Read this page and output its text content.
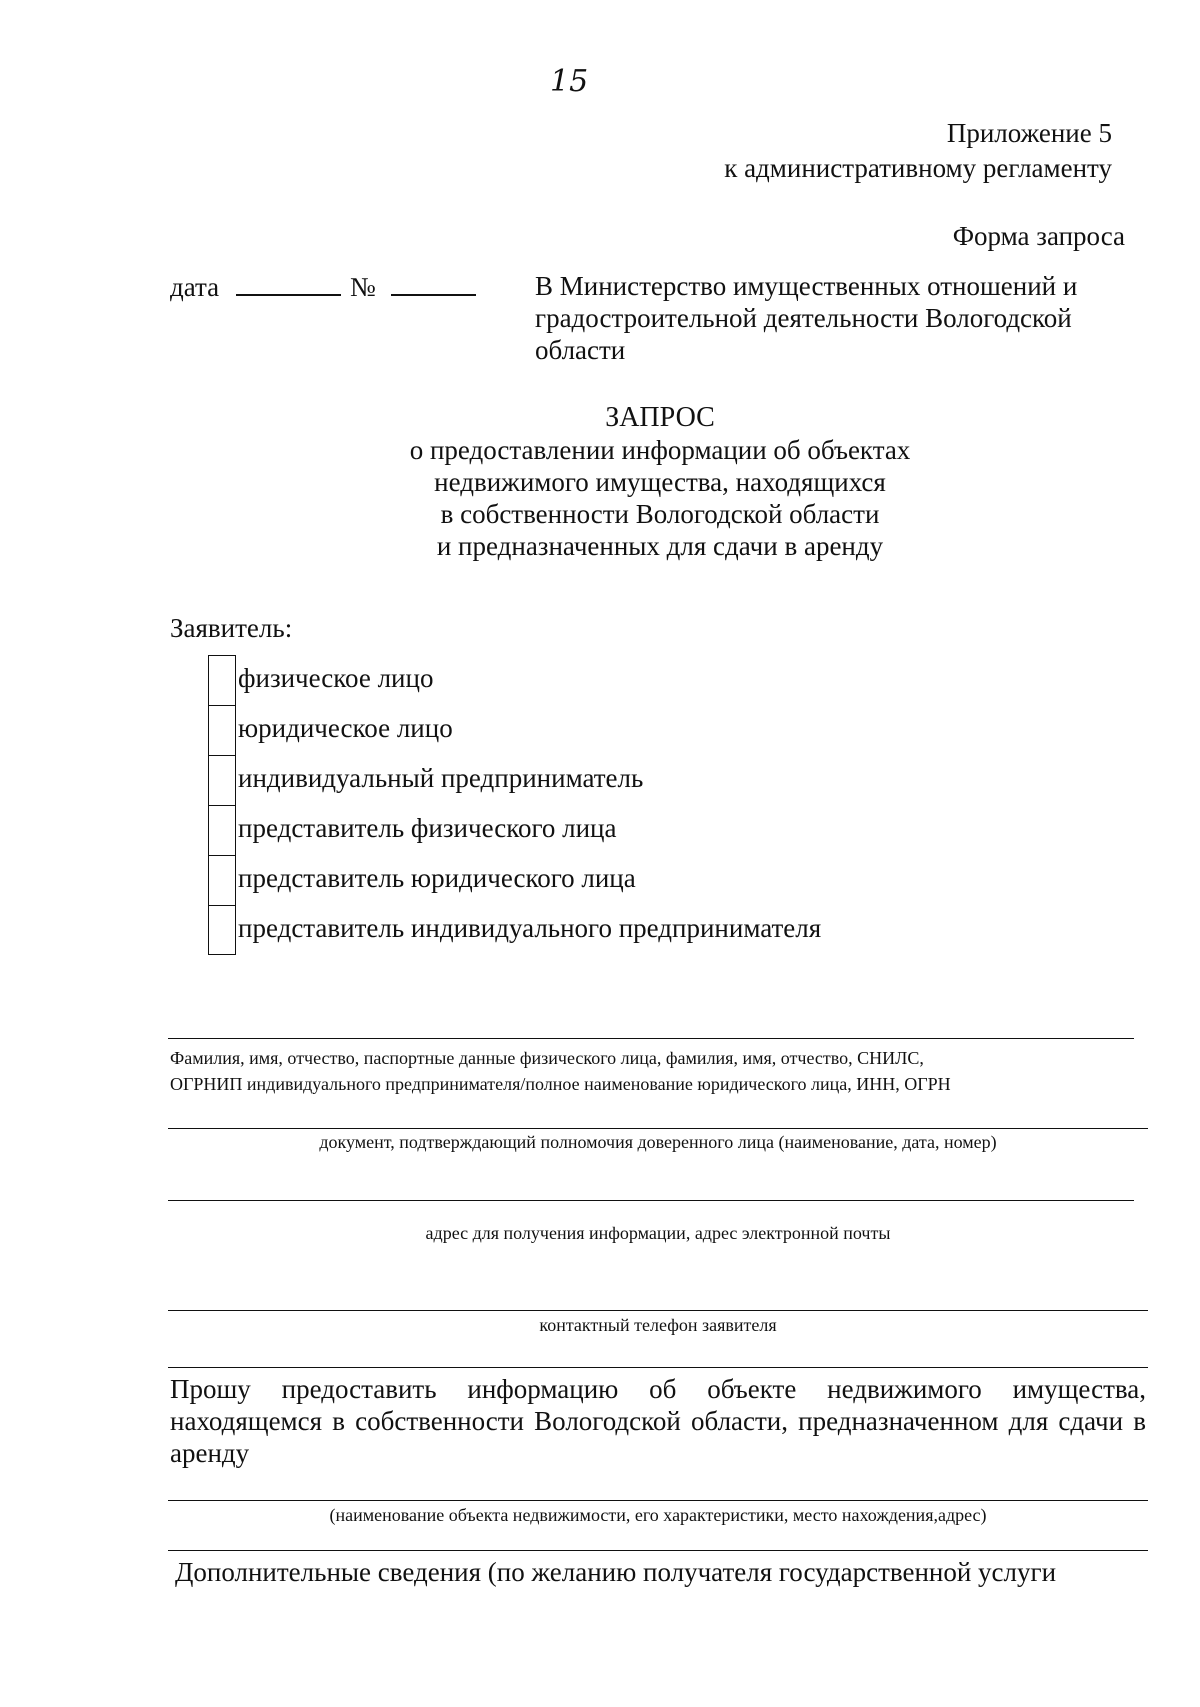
15
Приложение 5
к административному регламенту
Форма запроса
дата	№	В Министерство имущественных отношений и градостроительной деятельности Вологодской области
ЗАПРОС
о предоставлении информации об объектах
недвижимого имущества, находящихся
в собственности Вологодской области
и предназначенных для сдачи в аренду
Заявитель:
физическое лицо
юридическое лицо
индивидуальный предприниматель
представитель физического лица
представитель юридического лица
представитель индивидуального предпринимателя
Фамилия, имя, отчество, паспортные данные физического лица, фамилия, имя, отчество, СНИЛС,
ОГРНИП индивидуального предпринимателя/полное наименование юридического лица, ИНН, ОГРН
документ, подтверждающий полномочия доверенного лица (наименование, дата, номер)
адрес для получения информации, адрес электронной почты
контактный телефон заявителя
Прошу предоставить информацию об объекте недвижимого имущества, находящемся в собственности Вологодской области, предназначенном для сдачи в аренду
(наименование объекта недвижимости, его характеристики, место нахождения,адрес)
Дополнительные сведения (по желанию получателя государственной услуги
